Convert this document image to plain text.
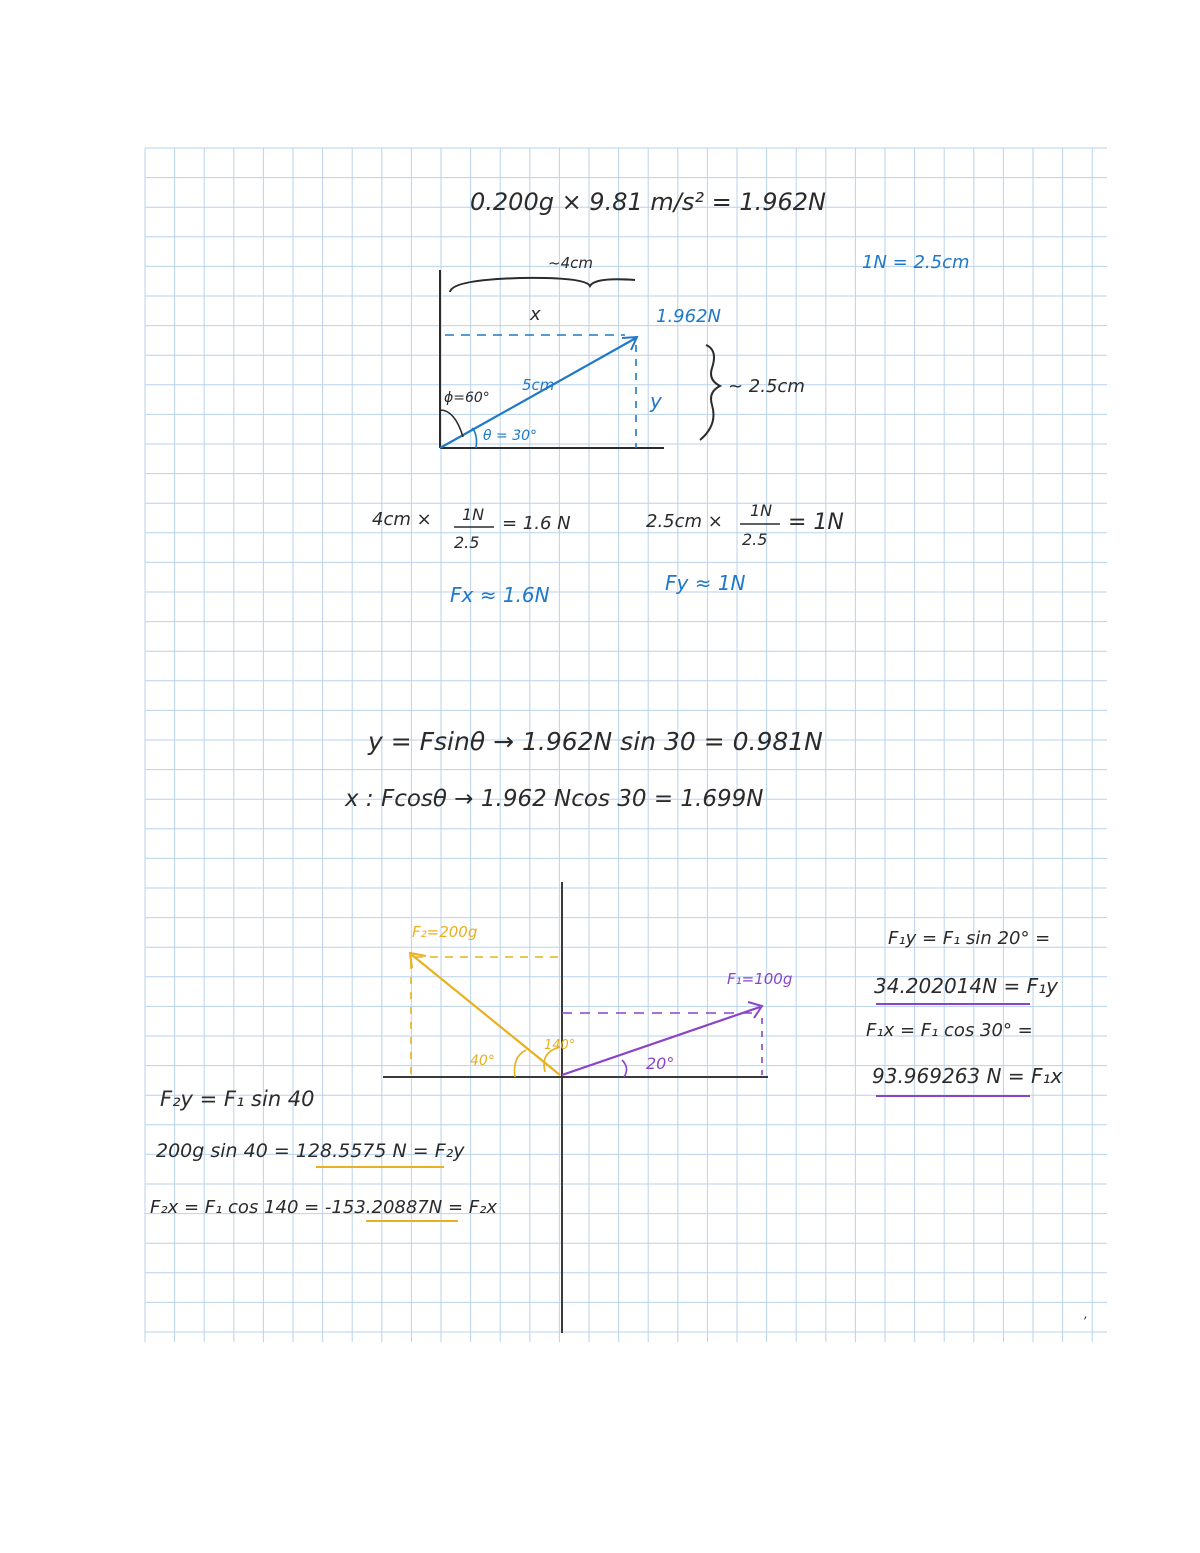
0.200g × 9.81 m/s² = 1.962N
1N = 2.5cm
~4cm
x	1.962N
5cm
y
~ 2.5cm
ϕ=60°
θ = 30°
4cm × 1N
2.5
= 1.6 N	2.5cm ×
1N
2.5
= 1N
Fx ≈ 1.6N	Fy ≈ 1N
y = Fsinθ → 1.962N sin 30 = 0.981N
x : Fcosθ → 1.962 Ncos 30 = 1.699N
F₂=200g
40°
140°
F₁=100g
20°
F₁y = F₁ sin 20° =
34.202014N = F₁y
F₁x = F₁ cos 30° =
93.969263 N = F₁x
F₂y = F₁ sin 40
200g sin 40 = 128.5575 N = F₂y
F₂x = F₁ cos 140 = -153.20887N = F₂x
,
